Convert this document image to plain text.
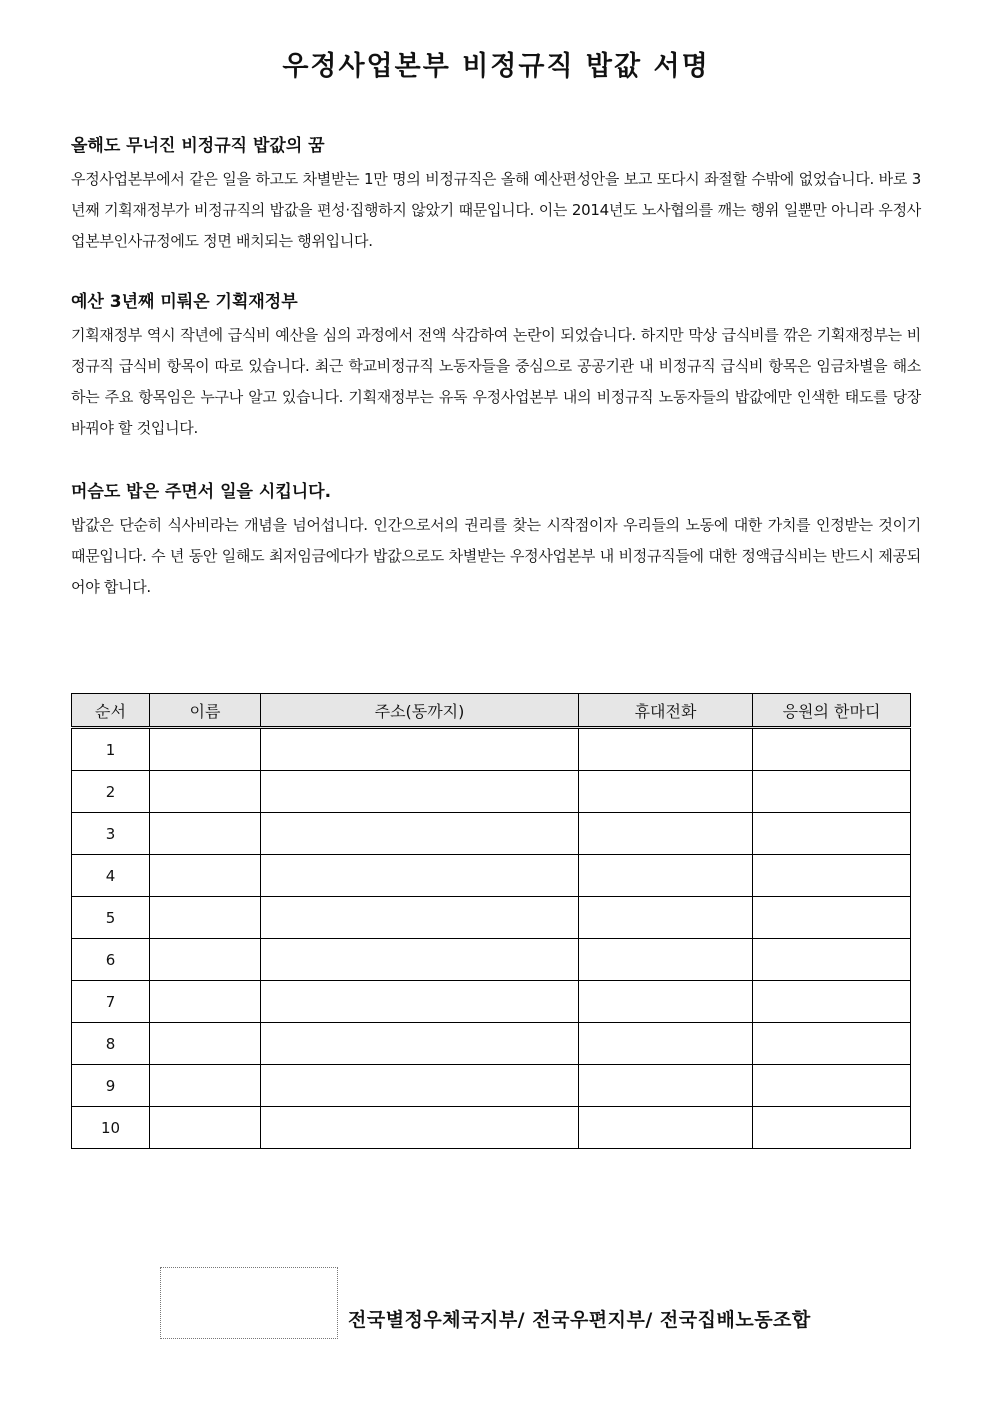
우정사업본부 비정규직 밥값 서명
올해도 무너진 비정규직 밥값의 꿈

우정사업본부에서 같은 일을 하고도 차별받는 1만 명의 비정규직은 올해 예산편성안을 보고 또다시 좌절할 수밖에 없었습니다. 바로 3년째 기획재정부가 비정규직의 밥값을 편성·집행하지 않았기 때문입니다. 이는 2014년도 노사협의를 깨는 행위 일뿐만 아니라 우정사업본부인사규정에도 정면 배치되는 행위입니다.

예산 3년째 미뤄온 기획재정부

기획재정부 역시 작년에 급식비 예산을 심의 과정에서 전액 삭감하여 논란이 되었습니다. 하지만 막상 급식비를 깎은 기획재정부는 비정규직 급식비 항목이 따로 있습니다. 최근 학교비정규직 노동자들을 중심으로 공공기관 내 비정규직 급식비 항목은 임금차별을 해소하는 주요 항목임은 누구나 알고 있습니다. 기획재정부는 유독 우정사업본부 내의 비정규직 노동자들의 밥값에만 인색한 태도를 당장 바꿔야 할 것입니다.

머슴도 밥은 주면서 일을 시킵니다.

밥값은 단순히 식사비라는 개념을 넘어섭니다. 인간으로서의 권리를 찾는 시작점이자 우리들의 노동에 대한 가치를 인정받는 것이기 때문입니다. 수 년 동안 일해도 최저임금에다가 밥값으로도 차별받는 우정사업본부 내 비정규직들에 대한 정액급식비는 반드시 제공되어야 합니다.

순서	이름	주소(동까지)	휴대전화	응원의 한마디
1				
2				
3				
4				
5				
6				
7				
8				
9				
10				
전국별정우체국지부/ 전국우편지부/ 전국집배노동조합
